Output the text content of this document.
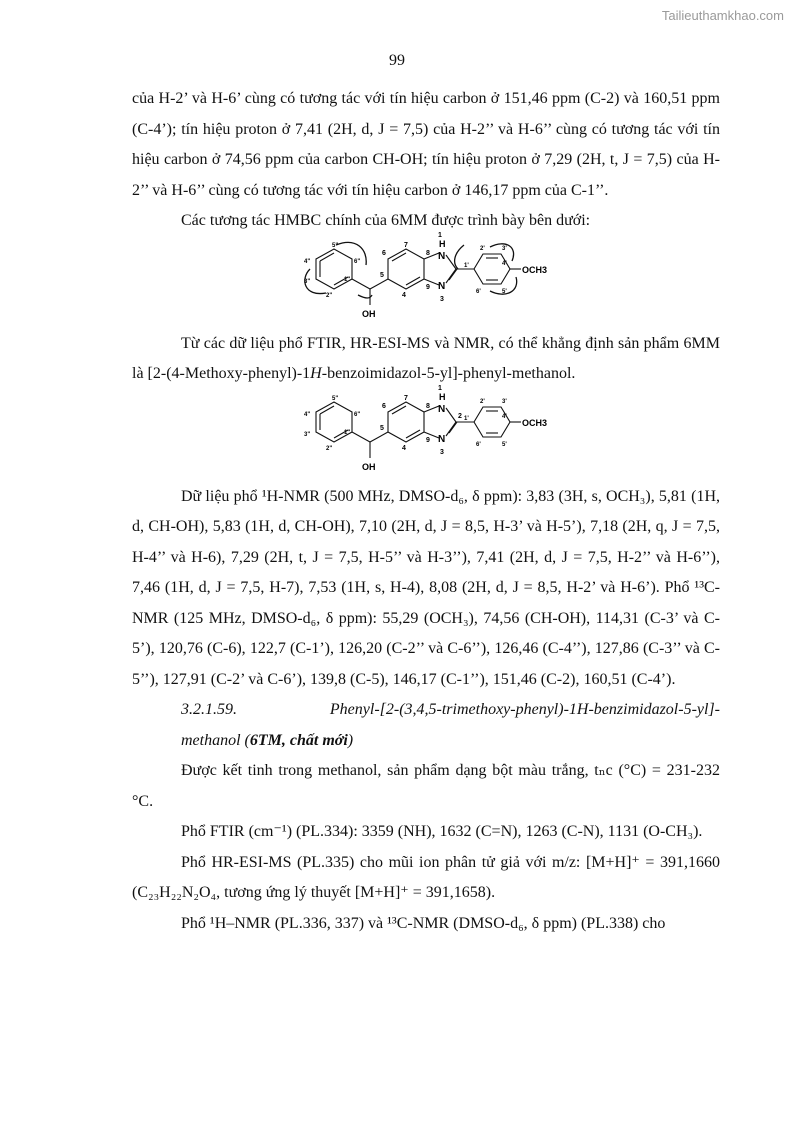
Tailieuthamkhao.com
99

của H-2’ và H-6’ cùng có tương tác với tín hiệu carbon ở 151,46 ppm (C-2) và 160,51 ppm (C-4’); tín hiệu proton ở 7,41 (2H, d, J = 7,5) của H-2’’ và H-6’’ cùng có tương tác với tín hiệu carbon ở 74,56 ppm của carbon CH-OH; tín hiệu proton ở 7,29 (2H, t, J = 7,5) của H-2’’ và H-6’’ cùng có tương tác với tín hiệu carbon ở 146,17 ppm của C-1’’.

Các tương tác HMBC chính của 6MM được trình bày bên dưới:

5"
4"
3"
2"
6"
1"
OH
5
6
7
8
9
4
1
H
N
N
3
1'
2'	3'
4'
5'
6'
OCH3

Từ các dữ liệu phổ FTIR, HR-ESI-MS và NMR, có thể khẳng định sản phẩm 6MM là [2-(4-Methoxy-phenyl)-1H-benzoimidazol-5-yl]-phenyl-methanol.

5"
4"
3"
2"
6"
1"
OH
5
6
7
8
9
4
1
H
N
2
N
3
1'
2'	3'
4'
5'
6'
OCH3

Dữ liệu phổ ¹H-NMR (500 MHz, DMSO-d₆, δ ppm): 3,83 (3H, s, OCH₃), 5,81 (1H, d, CH-OH), 5,83 (1H, d, CH-OH), 7,10 (2H, d, J = 8,5, H-3’ và H-5’), 7,18 (2H, q, J = 7,5, H-4’’ và H-6), 7,29 (2H, t, J = 7,5, H-5’’ và H-3’’), 7,41 (2H, d, J = 7,5, H-2’’ và H-6’’), 7,46 (1H, d, J = 7,5, H-7), 7,53 (1H, s, H-4), 8,08 (2H, d, J = 8,5, H-2’ và H-6’). Phổ ¹³C-NMR (125 MHz, DMSO-d₆, δ ppm): 55,29 (OCH₃), 74,56 (CH-OH), 114,31 (C-3’ và C-5’), 120,76 (C-6), 122,7 (C-1’), 126,20 (C-2’’ và C-6’’), 126,46 (C-4’’), 127,86 (C-3’’ và C-5’’), 127,91 (C-2’ và C-6’), 139,8 (C-5), 146,17 (C-1’’), 151,46 (C-2), 160,51 (C-4’).

3.2.1.59.	Phenyl-[2-(3,4,5-trimethoxy-phenyl)-1H-benzimidazol-5-yl]-

methanol (6TM, chất mới)

Được kết tinh trong methanol, sản phẩm dạng bột màu trắng, tₙc (°C) = 231-232 °C.

Phổ FTIR (cm⁻¹) (PL.334): 3359 (NH), 1632 (C=N), 1263 (C-N), 1131 (O-CH₃).

Phổ HR-ESI-MS (PL.335) cho mũi ion phân tử giả với m/z: [M+H]⁺ = 391,1660 (C₂₃H₂₂N₂O₄, tương ứng lý thuyết [M+H]⁺ = 391,1658).

Phổ ¹H–NMR (PL.336, 337) và ¹³C-NMR (DMSO-d₆, δ ppm) (PL.338) cho
